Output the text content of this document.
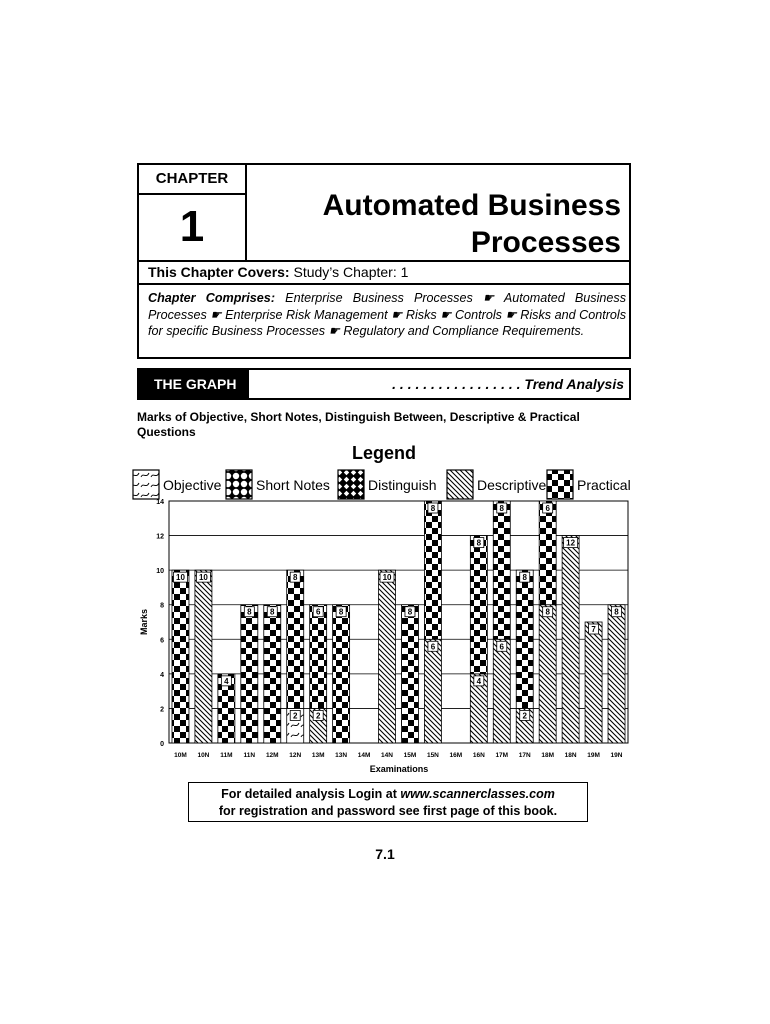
CHAPTER
1	Automated Business
Processes
This Chapter Covers: Study’s Chapter: 1
Chapter Comprises: Enterprise Business Processes ☛ Automated Business Processes ☛ Enterprise Risk Management ☛ Risks ☛ Controls ☛ Risks and Controls for specific Business Processes ☛ Regulatory and Compliance Requirements.
THE GRAPH	. . . . . . . . . . . . . . . . . Trend Analysis
Marks of Objective, Short Notes, Distinguish Between, Descriptive & Practical Questions
Legend
Objective Short Notes	Distinguish	Descriptive Practical
0
2
4
6
8
10
12
14
Marks
Examinations
10M 10N 11M 11N 12M 12N 13M 13N 14M 14N 15M 15N 16M 16N 17M 17N 18M 18N 19M 19N
10 10
4
8 8
2
8
2
6 8
10
8
6
8
4
8
6
8
2
8
8
6
12
7
8
For detailed analysis Login at www.scannerclasses.com
for registration and password see first page of this book.
7.1
